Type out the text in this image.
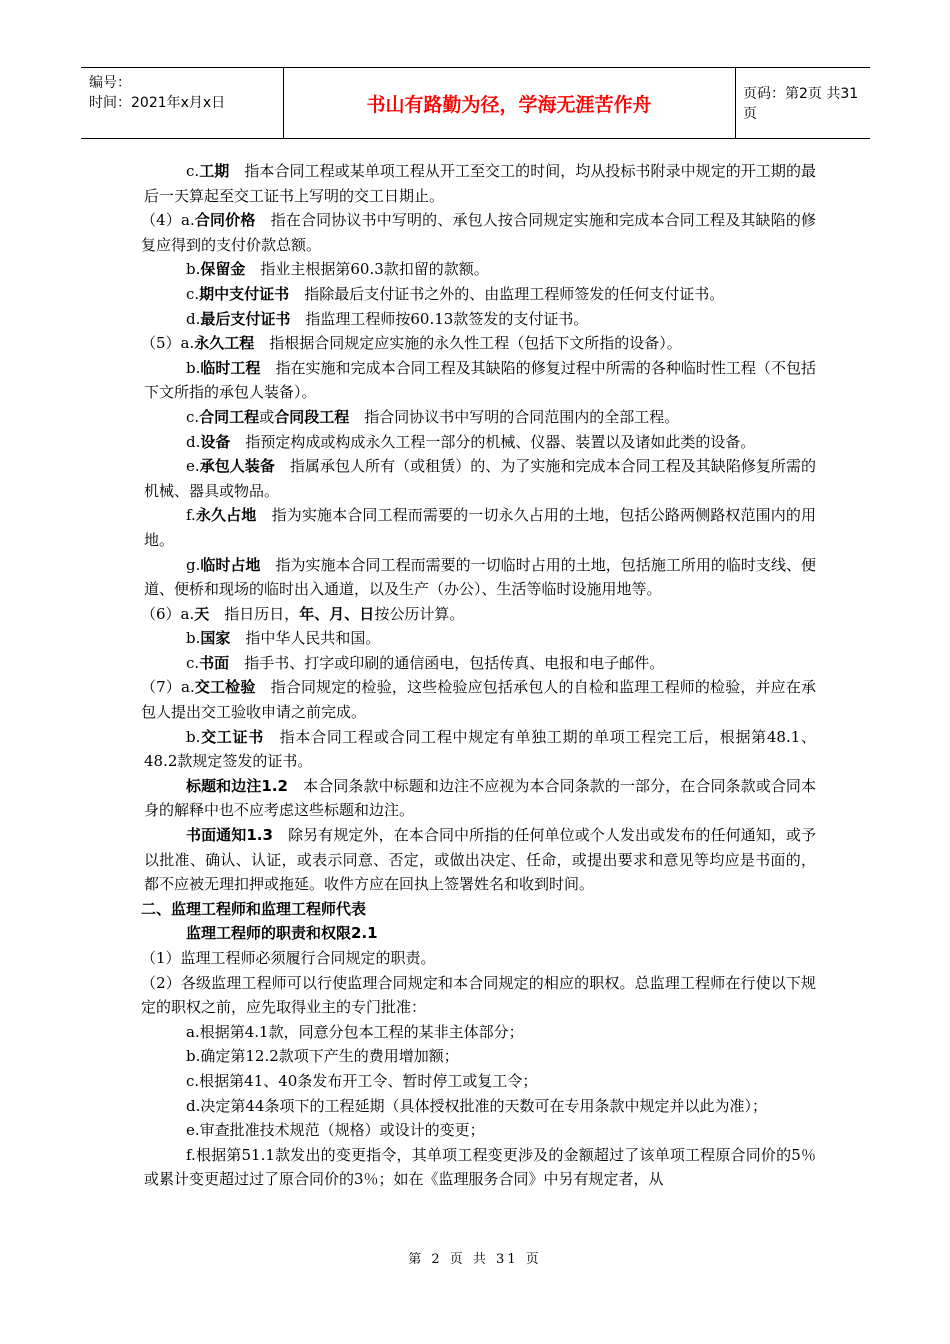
编号：
时间：2021年x月x日	书山有路勤为径，学海无涯苦作舟	页码：第2页 共31页

c.工期　指本合同工程或某单项工程从开工至交工的时间，均从投标书附录中规定的开工期的最后一天算起至交工证书上写明的交工日期止。

（4）a.合同价格　指在合同协议书中写明的、承包人按合同规定实施和完成本合同工程及其缺陷的修复应得到的支付价款总额。

b.保留金　指业主根据第60.3款扣留的款额。

c.期中支付证书　指除最后支付证书之外的、由监理工程师签发的任何支付证书。

d.最后支付证书　指监理工程师按60.13款签发的支付证书。

（5）a.永久工程　指根据合同规定应实施的永久性工程（包括下文所指的设备）。

b.临时工程　指在实施和完成本合同工程及其缺陷的修复过程中所需的各种临时性工程（不包括下文所指的承包人装备）。

c.合同工程或合同段工程　指合同协议书中写明的合同范围内的全部工程。

d.设备　指预定构成或构成永久工程一部分的机械、仪器、装置以及诸如此类的设备。

e.承包人装备　指属承包人所有（或租赁）的、为了实施和完成本合同工程及其缺陷修复所需的机械、器具或物品。

f.永久占地　指为实施本合同工程而需要的一切永久占用的土地，包括公路两侧路权范围内的用地。

g.临时占地　指为实施本合同工程而需要的一切临时占用的土地，包括施工所用的临时支线、便道、便桥和现场的临时出入通道，以及生产（办公）、生活等临时设施用地等。

（6）a.天　指日历日，年、月、日按公历计算。

b.国家　指中华人民共和国。

c.书面　指手书、打字或印刷的通信函电，包括传真、电报和电子邮件。

（7）a.交工检验　指合同规定的检验，这些检验应包括承包人的自检和监理工程师的检验，并应在承包人提出交工验收申请之前完成。

b.交工证书　指本合同工程或合同工程中规定有单独工期的单项工程完工后，根据第48.1、48.2款规定签发的证书。

标题和边注1.2　本合同条款中标题和边注不应视为本合同条款的一部分，在合同条款或合同本身的解释中也不应考虑这些标题和边注。

书面通知1.3　除另有规定外，在本合同中所指的任何单位或个人发出或发布的任何通知，或予以批准、确认、认证，或表示同意、否定，或做出决定、任命，或提出要求和意见等均应是书面的，都不应被无理扣押或拖延。收件方应在回执上签署姓名和收到时间。

二、监理工程师和监理工程师代表

监理工程师的职责和权限2.1

（1）监理工程师必须履行合同规定的职责。

（2）各级监理工程师可以行使监理合同规定和本合同规定的相应的职权。总监理工程师在行使以下规定的职权之前，应先取得业主的专门批准：

a.根据第4.1款，同意分包本工程的某非主体部分；

b.确定第12.2款项下产生的费用增加额；

c.根据第41、40条发布开工令、暂时停工或复工令；

d.决定第44条项下的工程延期（具体授权批准的天数可在专用条款中规定并以此为准）；

e.审查批准技术规范（规格）或设计的变更；

f.根据第51.1款发出的变更指令，其单项工程变更涉及的金额超过了该单项工程原合同价的5％或累计变更超过过了原合同价的3％；如在《监理服务合同》中另有规定者，从

第 2 页 共 31 页
